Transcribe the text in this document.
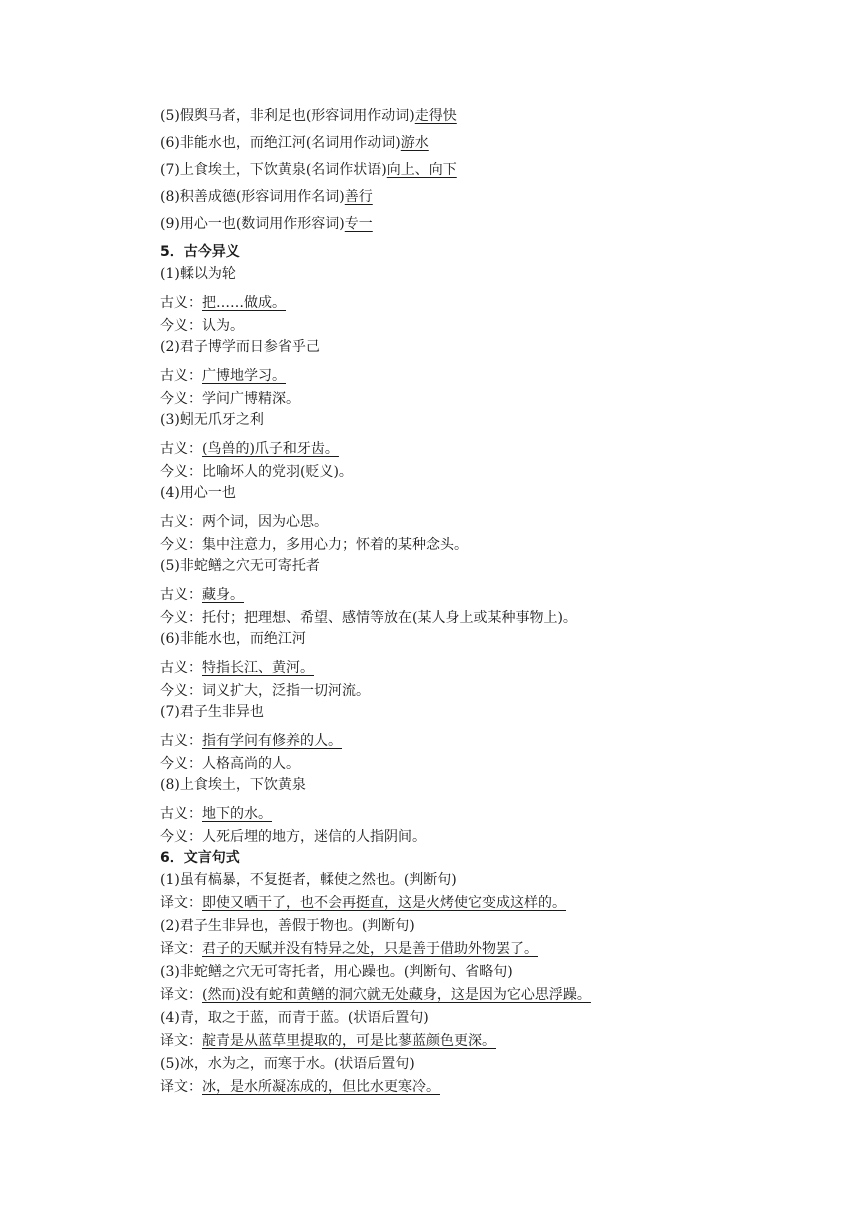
(5)假舆马者，非利足也(形容词用作动词)走得快
(6)非能水也，而绝江河(名词用作动词)游水
(7)上食埃土，下饮黄泉(名词作状语)向上、向下
(8)积善成德(形容词用作名词)善行
(9)用心一也(数词用作形容词)专一
5．古今异义
(1)輮以为轮
古义：把……做成。
今义：认为。
(2)君子博学而日参省乎己
古义：广博地学习。
今义：学问广博精深。
(3)蚓无爪牙之利
古义：(鸟兽的)爪子和牙齿。
今义：比喻坏人的党羽(贬义)。
(4)用心一也
古义：两个词，因为心思。
今义：集中注意力，多用心力；怀着的某种念头。
(5)非蛇鳝之穴无可寄托者
古义：藏身。
今义：托付；把理想、希望、感情等放在(某人身上或某种事物上)。
(6)非能水也，而绝江河
古义：特指长江、黄河。
今义：词义扩大，泛指一切河流。
(7)君子生非异也
古义：指有学问有修养的人。
今义：人格高尚的人。
(8)上食埃土，下饮黄泉
古义：地下的水。
今义：人死后埋的地方，迷信的人指阴间。
6．文言句式
(1)虽有槁暴，不复挺者，輮使之然也。(判断句)
译文：即使又晒干了，也不会再挺直，这是火烤使它变成这样的。
(2)君子生非异也，善假于物也。(判断句)
译文：君子的天赋并没有特异之处，只是善于借助外物罢了。
(3)非蛇鳝之穴无可寄托者，用心躁也。(判断句、省略句)
译文：(然而)没有蛇和黄鳝的洞穴就无处藏身，这是因为它心思浮躁。
(4)青，取之于蓝，而青于蓝。(状语后置句)
译文：靛青是从蓝草里提取的，可是比蓼蓝颜色更深。
(5)冰，水为之，而寒于水。(状语后置句)
译文：冰，是水所凝冻成的，但比水更寒冷。
